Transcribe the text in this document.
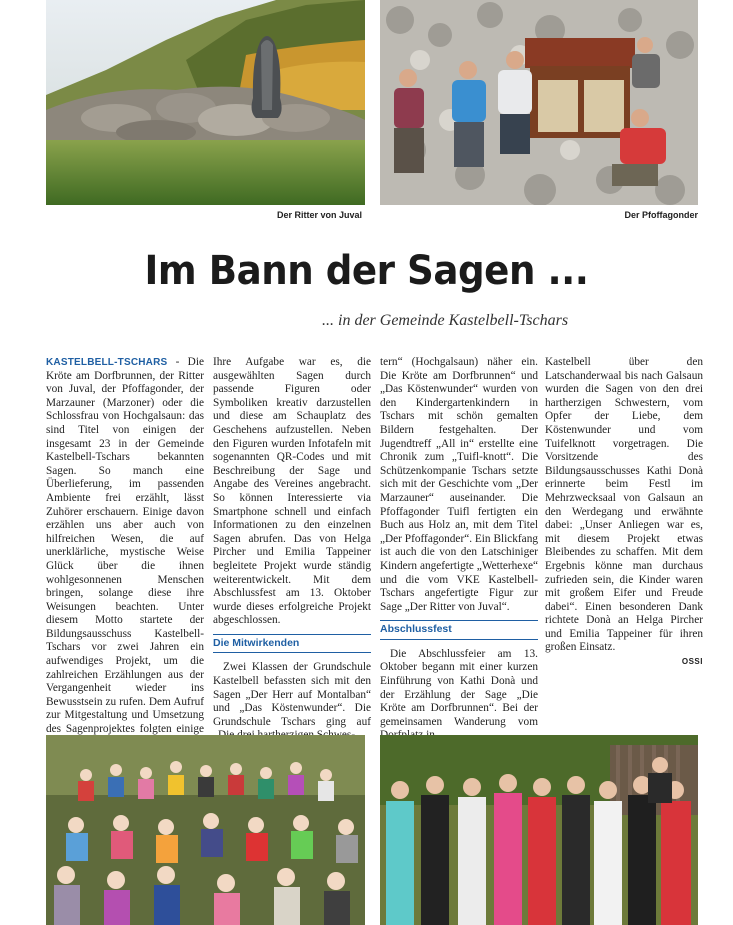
Der Ritter von Juval	Der Pfoffagonder
Im Bann der Sagen ...
... in der Gemeinde Kastelbell-Tschars

KASTELBELL-TSCHARS - Die Kröte am Dorfbrunnen, der Ritter von Juval, der Pfoffagonder, der Marzauner (Marzoner) oder die Schlossfrau von Hochgalsaun: das sind Titel von einigen der insgesamt 23 in der Gemeinde Kastelbell-Tschars bekannten Sagen. So manch eine Überlieferung, im passenden Ambiente frei erzählt, lässt Zuhörer erschauern. Einige davon erzählen uns aber auch von hilfreichen Wesen, die auf unerklärliche, mystische Weise Glück über die ihnen wohlgesonnenen Menschen bringen, solange diese ihre Weisungen beachten. Unter diesem Motto startete der Bildungsausschuss Kastelbell-Tschars vor zwei Jahren ein aufwendiges Projekt, um die zahlreichen Erzählungen aus der Vergangenheit wieder ins Bewusstsein zu rufen. Dem Aufruf zur Mitgestaltung und Umsetzung des Sagenprojektes folgten einige

Ihre Aufgabe war es, die ausgewählten Sagen durch passende Figuren oder Symboliken kreativ darzustellen und diese am Schauplatz des Geschehens aufzustellen. Neben den Figuren wurden Infotafeln mit sogenannten QR-Codes und mit Beschreibung der Sage und Angabe des Vereines angebracht. So können Interessierte via Smartphone schnell und einfach Informationen zu den einzelnen Sagen abrufen. Das von Helga Pircher und Emilia Tappeiner begleitete Projekt wurde ständig weiterentwickelt. Mit dem Abschlussfest am 13. Oktober wurde dieses erfolgreiche Projekt abgeschlossen.

Die Mitwirkenden

Zwei Klassen der Grundschule Kastelbell befassten sich mit den Sagen „Der Herr auf Montalban“ und „Das Köstenwunder“. Die Grundschule Tschars ging auf

tern“ (Hochgalsaun) näher ein. Die Kröte am Dorfbrunnen“ und „Das Köstenwunder“ wurden von den Kindergartenkindern in Tschars mit schön gemalten Bildern festgehalten. Der Jugendtreff „All in“ erstellte eine Chronik zum „Tuifl-knott“. Die Schützenkompanie Tschars setzte sich mit der Geschichte vom „Der Marzauner“ auseinander. Die Pfoffagonder Tuifl fertigten ein Buch aus Holz an, mit dem Titel „Der Pfoffagonder“. Ein Blickfang ist auch die von den Latschiniger Kindern angefertigte „Wetterhexe“ und die vom VKE Kastelbell-Tschars angefertigte Figur zur Sage „Der Ritter von Juval“.

Abschlussfest

Die Abschlussfeier am 13. Oktober begann mit einer kurzen Einführung von Kathi Donà und der Erzählung der Sage „Die Kröte am Dorfbrunnen“. Bei der gemeinsamen Wanderung vom

Kastelbell über den Latschanderwaal bis nach Galsaun wurden die Sagen von den drei hartherzigen Schwestern, vom Opfer der Liebe, dem Köstenwunder und vom Tuifelknott vorgetragen. Die Vorsitzende des Bildungsausschusses Kathi Donà erinnerte beim Festl im Mehrzwecksaal von Galsaun an den Werdegang und erwähnte dabei: „Unser Anliegen war es, mit diesem Projekt etwas Bleibendes zu schaffen. Mit dem Ergebnis könne man durchaus zufrieden sein, die Kinder waren mit großem Eifer und Freude dabei“. Einen besonderen Dank richtete Donà an Helga Pircher und Emilia Tappeiner für ihren großen Einsatz.

OSSI
